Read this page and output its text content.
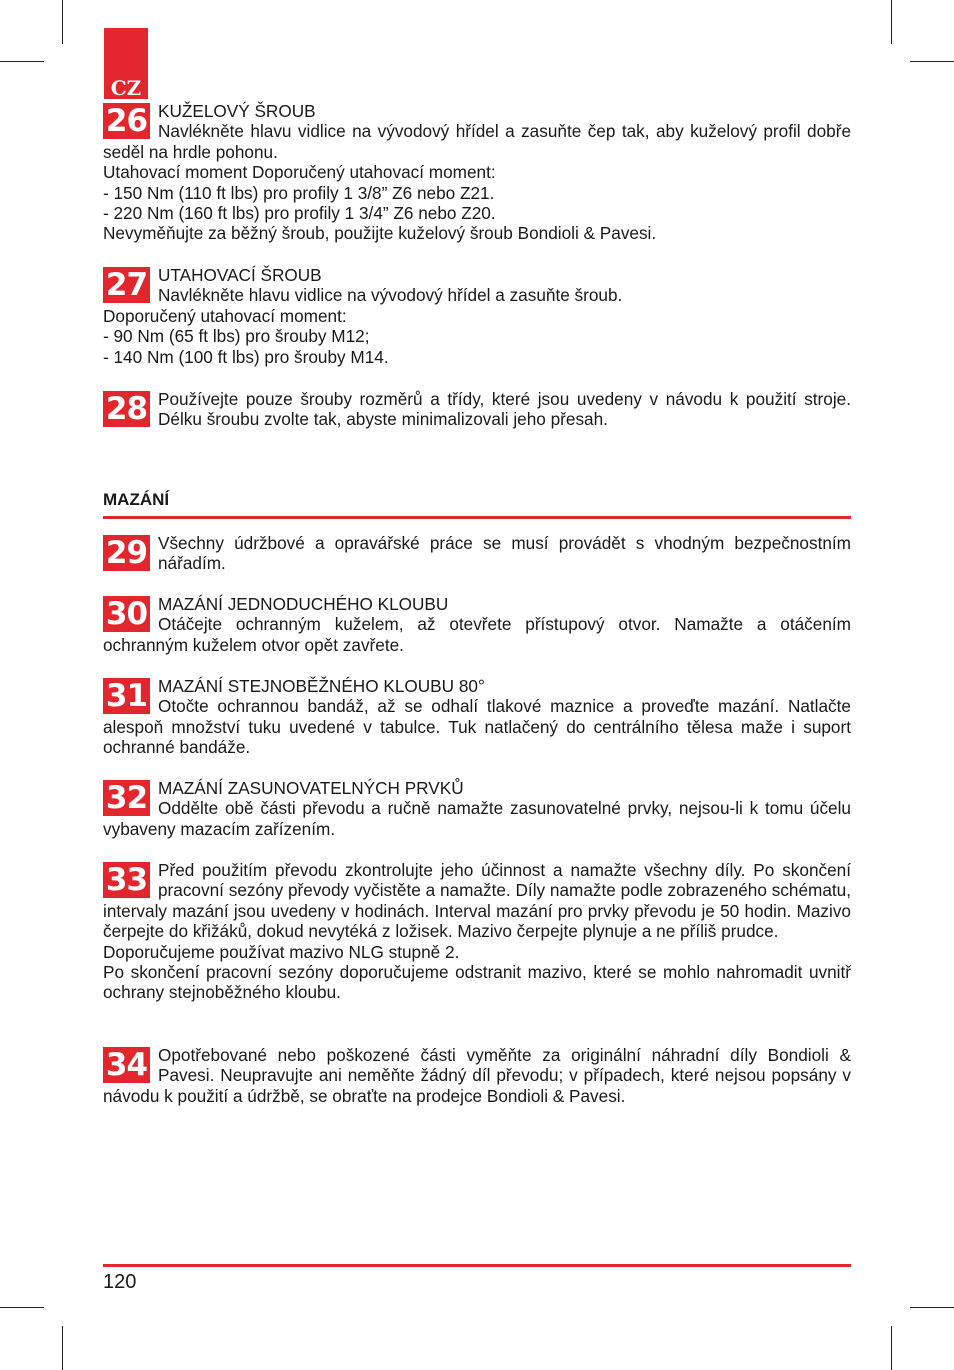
CZ
26 KUŽELOVÝ ŠROUB
Navlékněte hlavu vidlice na vývodový hřídel a zasuňte čep tak, aby kuželový profil dobře seděl na hrdle pohonu.
Utahovací moment Doporučený utahovací moment:
- 150 Nm (110 ft lbs) pro profily 1 3/8” Z6 nebo Z21.
- 220 Nm (160 ft lbs) pro profily 1 3/4” Z6 nebo Z20.
Nevyměňujte za běžný šroub, použijte kuželový šroub Bondioli & Pavesi.
27 UTAHOVACÍ ŠROUB
Navlékněte hlavu vidlice na vývodový hřídel a zasuňte šroub.
Doporučený utahovací moment:
- 90 Nm (65 ft lbs) pro šrouby M12;
- 140 Nm (100 ft lbs) pro šrouby M14.
28 Používejte pouze šrouby rozměrů a třídy, které jsou uvedeny v návodu k použití stroje. Délku šroubu zvolte tak, abyste minimalizovali jeho přesah.
MAZÁNÍ
29 Všechny údržbové a opravářské práce se musí provádět s vhodným bezpečnostním nářadím.
30 MAZÁNÍ JEDNODUCHÉHO KLOUBU
Otáčejte ochranným kuželem, až otevřete přístupový otvor. Namažte a otáčením ochranným kuželem otvor opět zavřete.
31 MAZÁNÍ STEJNOBĚŽNÉHO KLOUBU 80°
Otočte ochrannou bandáž, až se odhalí tlakové maznice a proveďte mazání. Natlačte alespoň množství tuku uvedené v tabulce. Tuk natlačený do centrálního tělesa maže i suport ochranné bandáže.
32 MAZÁNÍ ZASUNOVATELNÝCH PRVKŮ
Oddělte obě části převodu a ručně namažte zasunovatelné prvky, nejsou-li k tomu účelu vybaveny mazacím zařízením.
33 Před použitím převodu zkontrolujte jeho účinnost a namažte všechny díly. Po skončení pracovní sezóny převody vyčistěte a namažte. Díly namažte podle zobrazeného schématu, intervaly mazání jsou uvedeny v hodinách. Interval mazání pro prvky převodu je 50 hodin. Mazivo čerpejte do křižáků, dokud nevytéká z ložisek. Mazivo čerpejte plynuje a ne příliš prudce.
Doporučujeme používat mazivo NLG stupně 2.
Po skončení pracovní sezóny doporučujeme odstranit mazivo, které se mohlo nahromadit uvnitř ochrany stejnoběžného kloubu.
34 Opotřebované nebo poškozené části vyměňte za originální náhradní díly Bondioli & Pavesi. Neupravujte ani neměňte žádný díl převodu; v případech, které nejsou popsány v návodu k použití a údržbě, se obraťte na prodejce Bondioli & Pavesi.
120
